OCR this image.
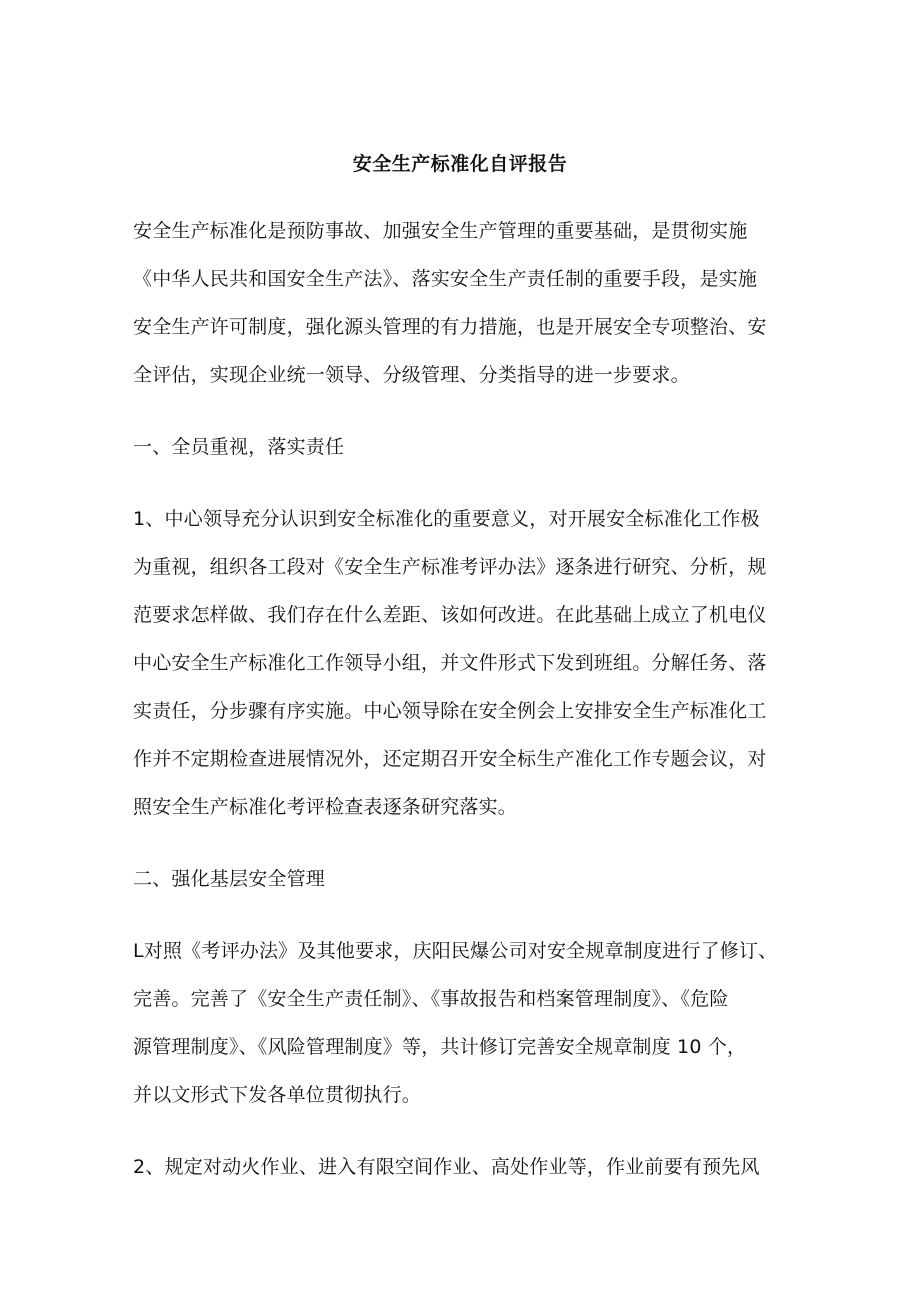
安全生产标准化自评报告
安全生产标准化是预防事故、加强安全生产管理的重要基础，是贯彻实施
《中华人民共和国安全生产法》、落实安全生产责任制的重要手段，是实施
安全生产许可制度，强化源头管理的有力措施，也是开展安全专项整治、安
全评估，实现企业统一领导、分级管理、分类指导的进一步要求。
一、全员重视，落实责任
1、中心领导充分认识到安全标准化的重要意义，对开展安全标准化工作极
为重视，组织各工段对《安全生产标准考评办法》逐条进行研究、分析，规
范要求怎样做、我们存在什么差距、该如何改进。在此基础上成立了机电仪
中心安全生产标准化工作领导小组，并文件形式下发到班组。分解任务、落
实责任，分步骤有序实施。中心领导除在安全例会上安排安全生产标准化工
作并不定期检查进展情况外，还定期召开安全标生产准化工作专题会议，对
照安全生产标准化考评检查表逐条研究落实。
二、强化基层安全管理
L对照《考评办法》及其他要求，庆阳民爆公司对安全规章制度进行了修订、
完善。完善了《安全生产责任制》、《事故报告和档案管理制度》、《危险
源管理制度》、《风险管理制度》等，共计修订完善安全规章制度 10 个，
并以文形式下发各单位贯彻执行。
2、规定对动火作业、进入有限空间作业、高处作业等，作业前要有预先风
